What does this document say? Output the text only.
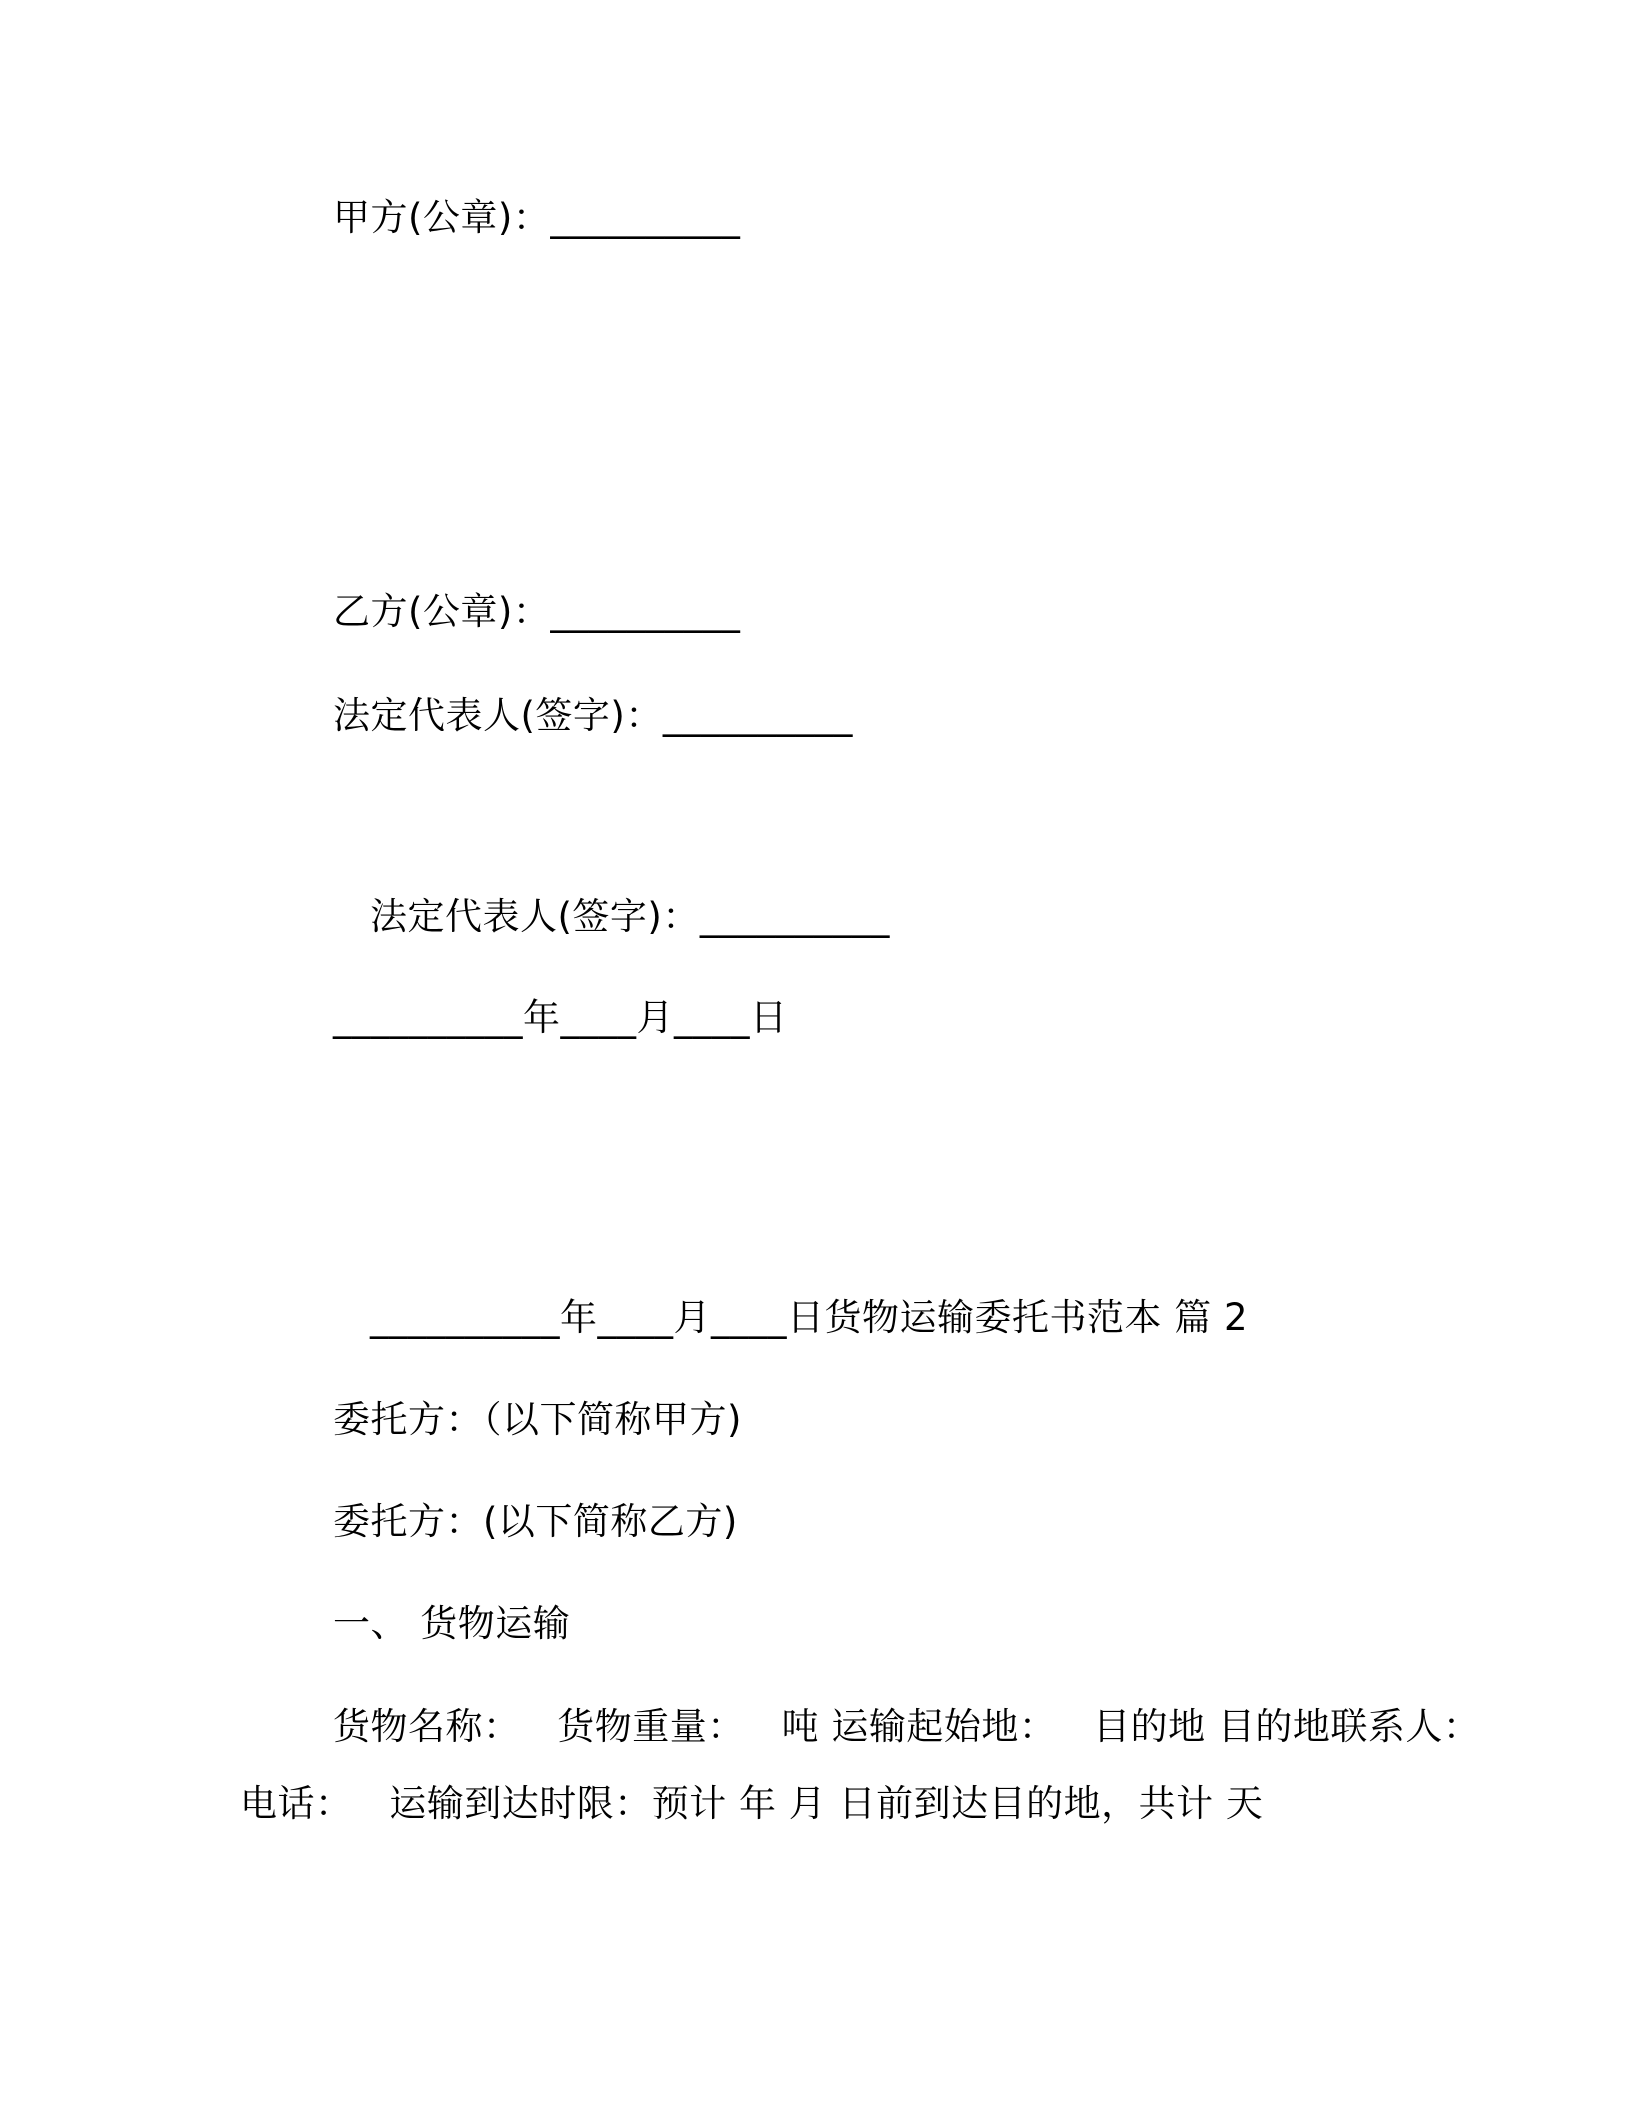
甲方(公章)：__________
乙方(公章)：__________
法定代表人(签字)：__________
法定代表人(签字)：__________
__________年____月____日
__________年____月____日货物运输委托书范本 篇 2
委托方：（以下简称甲方)
委托方：(以下简称乙方)
一、 货物运输
货物名称：   货物重量：   吨 运输起始地：   目的地 目的地联系人：
电话：   运输到达时限：预计 年 月 日前到达目的地，共计 天
